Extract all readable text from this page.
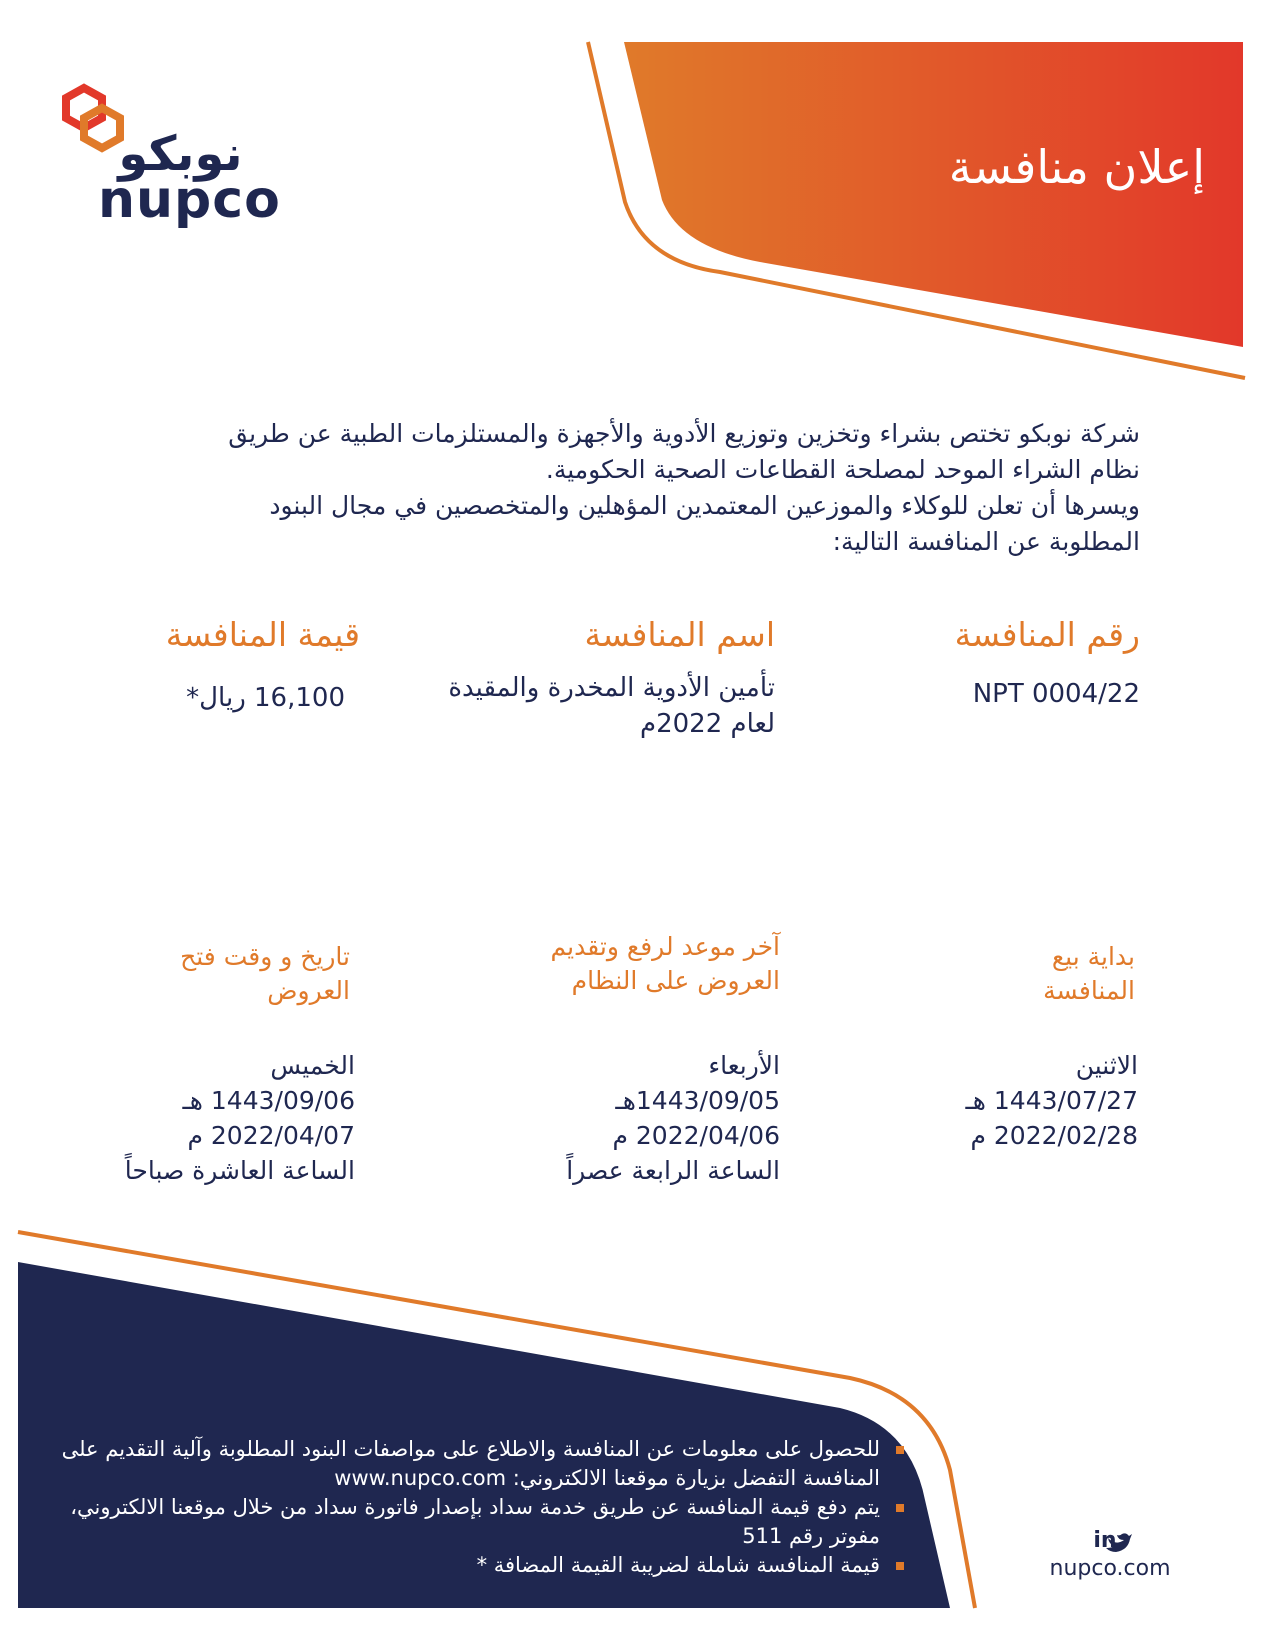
نوبكو
nupco
إعلان منافسة
شركة نوبكو تختص بشراء وتخزين وتوزيع الأدوية والأجهزة والمستلزمات الطبية عن طريق نظام الشراء الموحد لمصلحة القطاعات الصحية الحكومية.
ويسرها أن تعلن للوكلاء والموزعين المعتمدين المؤهلين والمتخصصين في مجال البنود المطلوبة عن المنافسة التالية:
رقم المنافسة
اسم المنافسة
قيمة المنافسة
NPT 0004/22
تأمين الأدوية المخدرة والمقيدة لعام 2022م
16,100 ريال*
بداية بيع المنافسة
آخر موعد لرفع وتقديم العروض على النظام
تاريخ و وقت فتح العروض
الاثنين
1443/07/27 هـ
2022/02/28 م
الأربعاء
1443/09/05هـ
2022/04/06 م
الساعة الرابعة عصراً
الخميس
1443/09/06 هـ
2022/04/07 م
الساعة العاشرة صباحاً
للحصول على معلومات عن المنافسة والاطلاع على مواصفات البنود المطلوبة وآلية التقديم على المنافسة التفضل بزيارة موقعنا الالكتروني: www.nupco.com
يتم دفع قيمة المنافسة عن طريق خدمة سداد بإصدار فاتورة سداد من خلال موقعنا الالكتروني، مفوتر رقم 511
قيمة المنافسة شاملة لضريبة القيمة المضافة *
in
nupco.com
